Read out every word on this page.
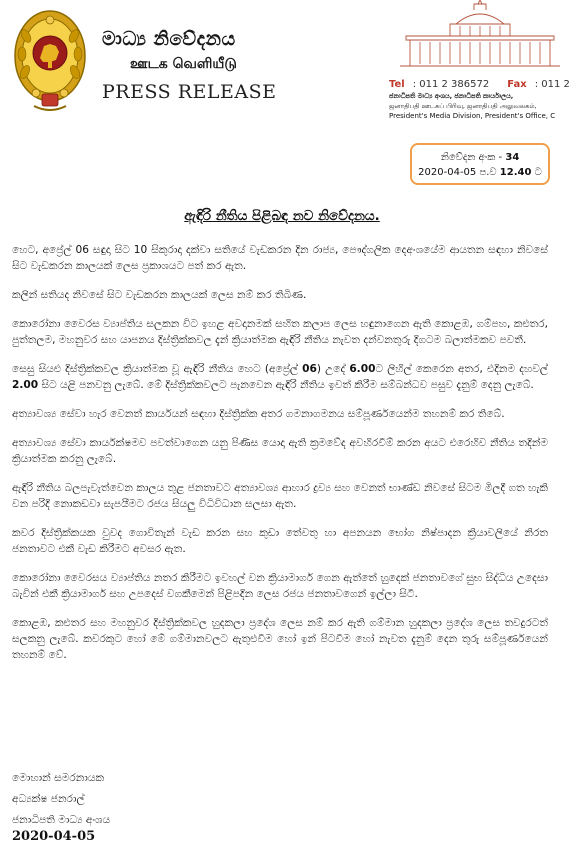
මාධ්‍ය නිවේදනය
ஊடக வெளியீடு
PRESS RELEASE	Tel : 011 2 386572 Fax : 011 2
ජනාධිපති මාධ්‍ය අංශය, ජනාධිපති කාර්යාලය,
ஜனாதிபதி ஊடகப் பிரிவு, ஜனாதிபதி அலுவலகம்,
President's Media Division, President's Office, C
නිවේදන අංක - 34
2020-04-05 ප.ව 12.40 ට
ඇඳිරි නීතිය පිළිබඳ නව නිවේදනය.

හෙට, අප්‍රේල් 06 සඳුදා සිට 10 සිකුරාදා දක්වා සතියේ වැඩකරන දින රාජ්‍ය, පෞද්ගලික දෙඅංශයේම ආයතන සඳහා නිවසේ සිට වැඩකරන කාලයක් ලෙස ප්‍රකාශයට පත් කර ඇත.

කලින් සතියද නිවසේ සිට වැඩකරන කාලයක් ලෙස නම් කර තිබිණ.

කොරෝනා වෛරස ව්‍යාප්තිය සලකන විට ඉහළ අවදානමක් සහිත කලාප ලෙස හඳුනාගෙන ඇති කොළඹ, ගම්පහ, කළුතර, පුත්තලම, මහනුවර සහ යාපනය දිස්ත්‍රික්කවල දැන් ක්‍රියාත්මක ඇඳිරි නීතිය නැවත දන්වනතුරු දිගටම බලාත්මකව පවතී.

සෙසු සියළු දිස්ත්‍රික්කවල ක්‍රියාත්මක වූ ඇඳිරි නීතිය හෙට (අප්‍රේල් 06) උදේ 6.00ට ලිහිල් කෙරෙන අතර, එදිනම දහවල් 2.00 සිට යළි පනවනු ලැබේ. මේ දිස්ත්‍රික්කවලට පැනවෙන ඇඳිරි නීතිය ඉවත් කිරීම සම්බන්ධව පසුව දැනුම් දෙනු ලැබේ.

අත්‍යාවශ්‍ය සේවා හැර වෙනත් කාර්යයන් සඳහා දිස්ත්‍රික්ක අතර ගමනාගමනය සම්පූර්ණයෙන්ම තහනම් කර තිබේ.

අත්‍යාවශ්‍ය සේවා කාර්යක්ෂමව පවත්වාගෙන යනු පිණිස යොදා ඇති ක්‍රමවේද අවහිරවීම් කරන අයට එරෙහිව නීතිය තදින්ම ක්‍රියාත්මක කරනු ලැබේ.

ඇඳිරි නීතිය බලපැවැත්වෙන කාලය තුළ ජනතාවට අත්‍යාවශ්‍ය ආහාර ද්‍රව්‍ය සහ වෙනත් භාණ්ඩ නිවසේ සිටම මිලදී ගත හැකි වන පරිදි නොකඩවා සැපයීමට රජය සියලු විධිවිධාන සලසා ඇත.

කවර දිස්ත්‍රික්කයක වුවද ගොවිතැන් වැඩ කරන සහ කුඩා තේවතු හා අපනයන භෝග නිෂ්පාදන ක්‍රියාවලියේ නිරත ජනතාවට එකී වැඩ කිරීමට අවසර ඇත.

කොරෝනා වෛරසය ව්‍යාප්තිය නතර කිරීමට ඉවහල් වන ක්‍රියාමාර්ග ගෙන ඇත්තේ හුදෙක් ජනතාවගේ සුභ සිද්ධිය උදෙසා බැවින් එකී ක්‍රියාමාර්ග සහ උපදෙස් වගකීමෙන් පිළිපදින ලෙස රජය ජනතාවගෙන් ඉල්ලා සිටී.

කොළඹ, කළුතර සහ මහනුවර දිස්ත්‍රික්කවල හුදකලා ප්‍රදේශ ලෙස නම් කර ඇති ගම්මාන හුදකලා ප්‍රදේශ ලෙස තවදුරටත් සලකනු ලැබේ. කවරකුට හෝ මේ ගම්මානවලට ඇතුළුවීම හෝ ඉන් පිටවීම හෝ නැවත දැනුම් දෙන තුරු සම්පූර්ණයෙන් තහනම් වේ.

මොහාන් සමරනායක
අධ්‍යක්ෂ ජනරාල්
ජනාධිපති මාධ්‍ය අංශය
2020-04-05
